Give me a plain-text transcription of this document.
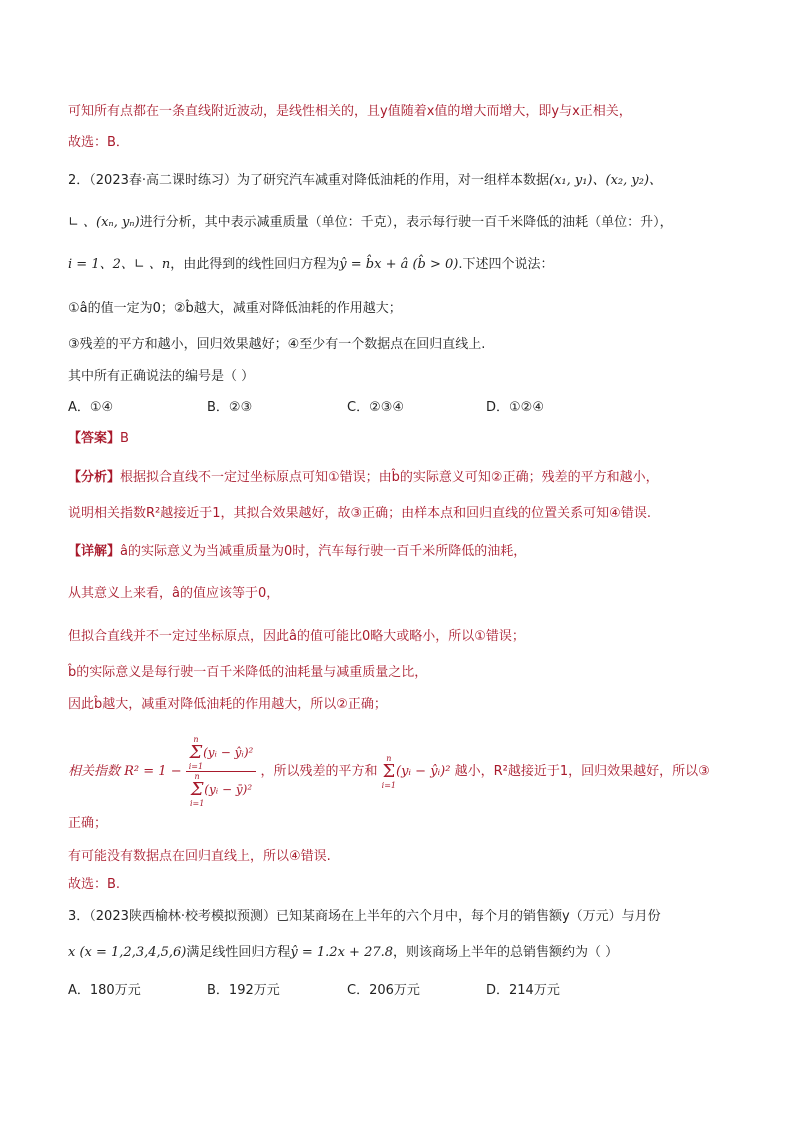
可知所有点都在一条直线附近波动，是线性相关的，且y值随着x值的增大而增大，即y与x正相关，
故选：B．
2．（2023春·高二课时练习）为了研究汽车减重对降低油耗的作用，对一组样本数据(x₁, y₁)、(x₂, y₂)、
∟ 、(xₙ, yₙ)进行分析，其中表示减重质量（单位：千克），表示每行驶一百千米降低的油耗（单位：升），
i = 1、2、∟ 、n，由此得到的线性回归方程为ŷ = b̂x + â (b̂ > 0).下述四个说法：
①â的值一定为0；②b̂越大，减重对降低油耗的作用越大；
③残差的平方和越小，回归效果越好；④至少有一个数据点在回归直线上.
其中所有正确说法的编号是（ ）
A．①④	B．②③	C．②③④	D．①②④
【答案】B
【分析】根据拟合直线不一定过坐标原点可知①错误；由b̂的实际意义可知②正确；残差的平方和越小，
说明相关指数R²越接近于1，其拟合效果越好，故③正确；由样本点和回归直线的位置关系可知④错误.
【详解】â的实际意义为当减重质量为0时，汽车每行驶一百千米所降低的油耗，
从其意义上来看，â的值应该等于0，
但拟合直线并不一定过坐标原点，因此â的值可能比0略大或略小，所以①错误；
b̂的实际意义是每行驶一百千米降低的油耗量与减重质量之比，
因此b̂越大，减重对降低油耗的作用越大，所以②正确；
相关指数 R² = 1 − n
Σ
i=1
(yᵢ − ŷᵢ)²
n
Σ
i=1
(yᵢ − ȳ)² ，所以残差的平方和
n
Σ
i=1
(yᵢ − ŷᵢ)² 越小，R²越接近于1，回归效果越好，所以③
正确；
有可能没有数据点在回归直线上，所以④错误.
故选：B.
3．（2023陕西榆林·校考模拟预测）已知某商场在上半年的六个月中，每个月的销售额y（万元）与月份
x (x = 1,2,3,4,5,6)满足线性回归方程ŷ = 1.2x + 27.8，则该商场上半年的总销售额约为（ ）
A．180万元	B．192万元	C．206万元	D．214万元
